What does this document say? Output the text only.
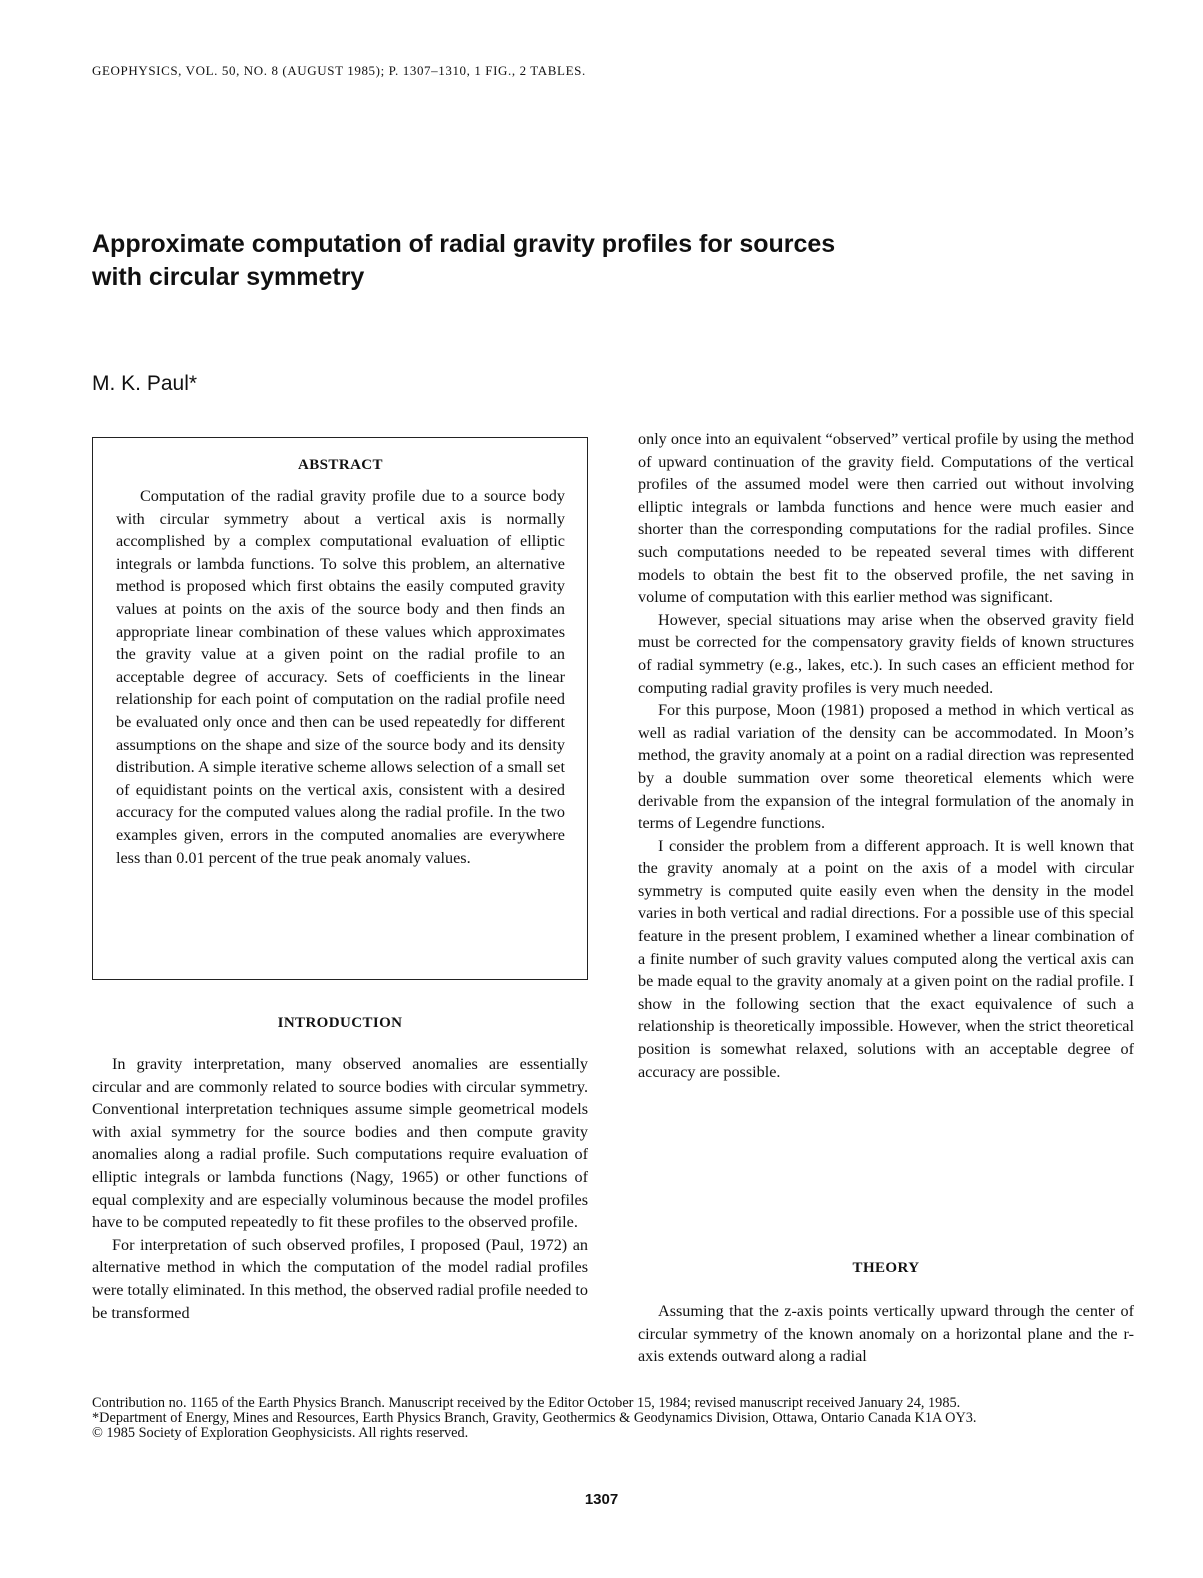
GEOPHYSICS, VOL. 50, NO. 8 (AUGUST 1985); P. 1307–1310, 1 FIG., 2 TABLES.
Approximate computation of radial gravity profiles for sources with circular symmetry
M. K. Paul*
ABSTRACT

Computation of the radial gravity profile due to a source body with circular symmetry about a vertical axis is normally accomplished by a complex computational evaluation of elliptic integrals or lambda functions. To solve this problem, an alternative method is proposed which first obtains the easily computed gravity values at points on the axis of the source body and then finds an appropriate linear combination of these values which approximates the gravity value at a given point on the radial profile to an acceptable degree of accuracy. Sets of coefficients in the linear relationship for each point of computation on the radial profile need be evaluated only once and then can be used repeatedly for different assumptions on the shape and size of the source body and its density distribution. A simple iterative scheme allows selection of a small set of equidistant points on the vertical axis, consistent with a desired accuracy for the computed values along the radial profile. In the two examples given, errors in the computed anomalies are everywhere less than 0.01 percent of the true peak anomaly values.

INTRODUCTION

In gravity interpretation, many observed anomalies are essentially circular and are commonly related to source bodies with circular symmetry. Conventional interpretation techniques assume simple geometrical models with axial symmetry for the source bodies and then compute gravity anomalies along a radial profile. Such computations require evaluation of elliptic integrals or lambda functions (Nagy, 1965) or other functions of equal complexity and are especially voluminous because the model profiles have to be computed repeatedly to fit these profiles to the observed profile.

For interpretation of such observed profiles, I proposed (Paul, 1972) an alternative method in which the computation of the model radial profiles were totally eliminated. In this method, the observed radial profile needed to be transformed

only once into an equivalent “observed” vertical profile by using the method of upward continuation of the gravity field. Computations of the vertical profiles of the assumed model were then carried out without involving elliptic integrals or lambda functions and hence were much easier and shorter than the corresponding computations for the radial profiles. Since such computations needed to be repeated several times with different models to obtain the best fit to the observed profile, the net saving in volume of computation with this earlier method was significant.

However, special situations may arise when the observed gravity field must be corrected for the compensatory gravity fields of known structures of radial symmetry (e.g., lakes, etc.). In such cases an efficient method for computing radial gravity profiles is very much needed.

For this purpose, Moon (1981) proposed a method in which vertical as well as radial variation of the density can be accommodated. In Moon’s method, the gravity anomaly at a point on a radial direction was represented by a double summation over some theoretical elements which were derivable from the expansion of the integral formulation of the anomaly in terms of Legendre functions.

I consider the problem from a different approach. It is well known that the gravity anomaly at a point on the axis of a model with circular symmetry is computed quite easily even when the density in the model varies in both vertical and radial directions. For a possible use of this special feature in the present problem, I examined whether a linear combination of a finite number of such gravity values computed along the vertical axis can be made equal to the gravity anomaly at a given point on the radial profile. I show in the following section that the exact equivalence of such a relationship is theoretically impossible. However, when the strict theoretical position is somewhat relaxed, solutions with an acceptable degree of accuracy are possible.

THEORY

Assuming that the z-axis points vertically upward through the center of circular symmetry of the known anomaly on a horizontal plane and the r-axis extends outward along a radial

Contribution no. 1165 of the Earth Physics Branch. Manuscript received by the Editor October 15, 1984; revised manuscript received January 24, 1985.
*Department of Energy, Mines and Resources, Earth Physics Branch, Gravity, Geothermics & Geodynamics Division, Ottawa, Ontario Canada K1A OY3.
© 1985 Society of Exploration Geophysicists. All rights reserved.
1307
